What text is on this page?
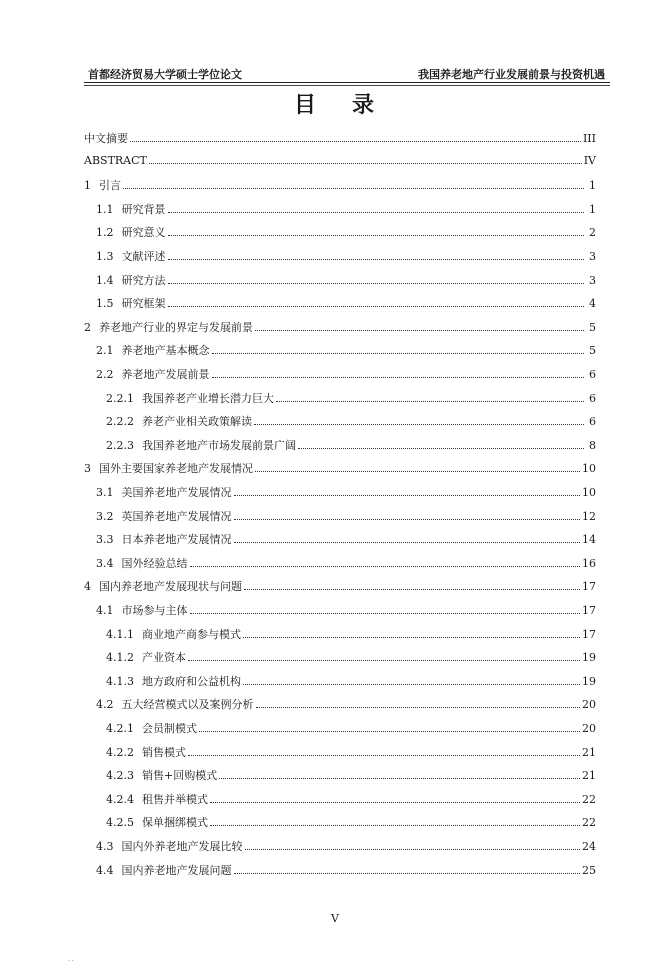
首都经济贸易大学硕士学位论文	我国养老地产行业发展前景与投资机遇
目 录
中文摘要	III
ABSTRACT	IV
1 引言	1
1.1 研究背景	1
1.2 研究意义	2
1.3 文献评述	3
1.4 研究方法	3
1.5 研究框架	4
2 养老地产行业的界定与发展前景	5
2.1 养老地产基本概念	5
2.2 养老地产发展前景	6
2.2.1 我国养老产业增长潜力巨大	6
2.2.2 养老产业相关政策解读	6
2.2.3 我国养老地产市场发展前景广阔	8
3 国外主要国家养老地产发展情况	10
3.1 美国养老地产发展情况	10
3.2 英国养老地产发展情况	12
3.3 日本养老地产发展情况	14
3.4 国外经验总结	16
4 国内养老地产发展现状与问题	17
4.1 市场参与主体	17
4.1.1 商业地产商参与模式	17
4.1.2 产业资本	19
4.1.3 地方政府和公益机构	19
4.2 五大经营模式以及案例分析	20
4.2.1 会员制模式	20
4.2.2 销售模式	21
4.2.3 销售+回购模式	21
4.2.4 租售并举模式	22
4.2.5 保单捆绑模式	22
4.3 国内外养老地产发展比较	24
4.4 国内养老地产发展问题	25
V
· ·
